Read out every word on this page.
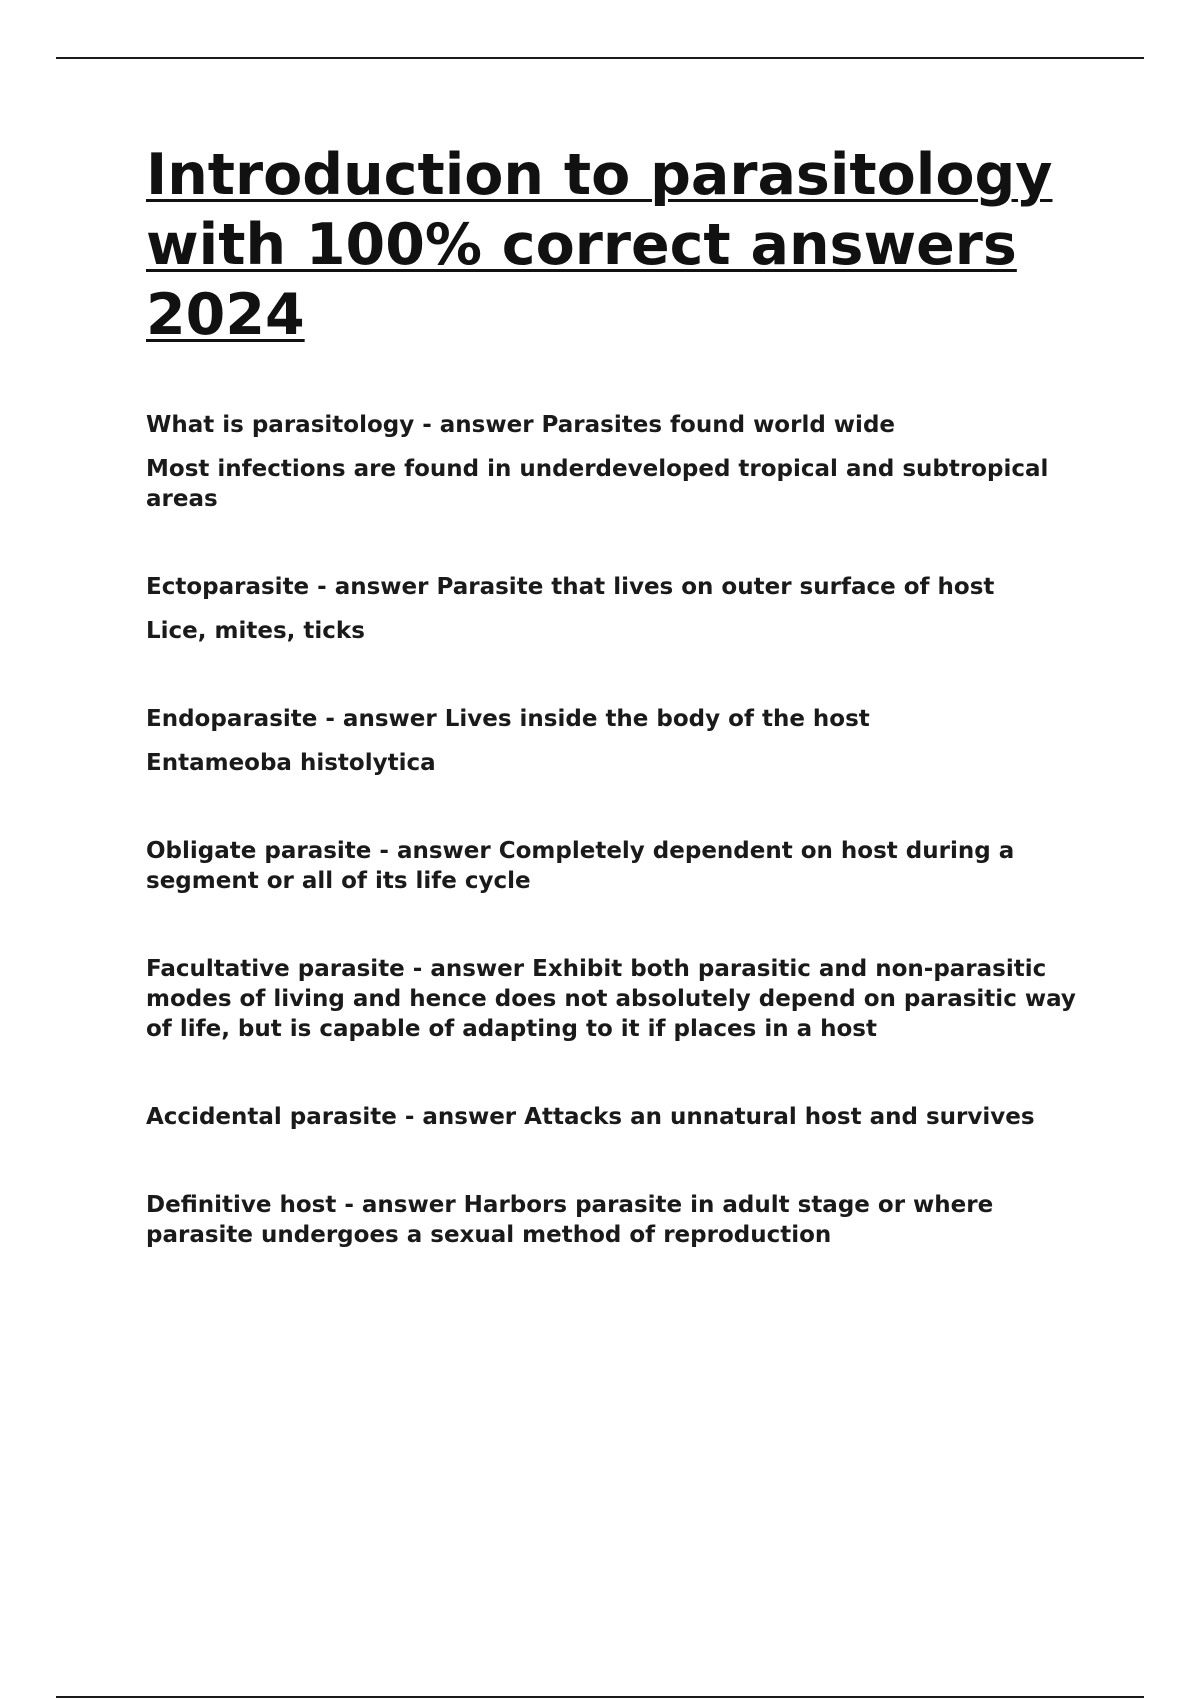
Introduction to parasitology with 100% correct answers 2024

What is parasitology - answer Parasites found world wide

Most infections are found in underdeveloped tropical and subtropical areas

Ectoparasite - answer Parasite that lives on outer surface of host

Lice, mites, ticks

Endoparasite - answer Lives inside the body of the host

Entameoba histolytica

Obligate parasite - answer Completely dependent on host during a segment or all of its life cycle

Facultative parasite - answer Exhibit both parasitic and non-parasitic modes of living and hence does not absolutely depend on parasitic way of life, but is capable of adapting to it if places in a host

Accidental parasite - answer Attacks an unnatural host and survives

Definitive host - answer Harbors parasite in adult stage or where parasite undergoes a sexual method of reproduction
